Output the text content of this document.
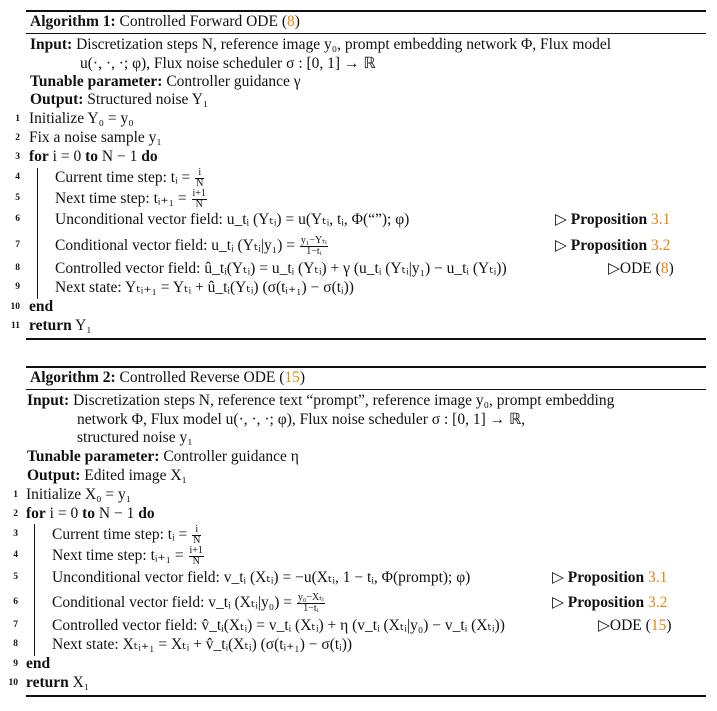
Algorithm 1: Controlled Forward ODE (8)
Input: Discretization steps N, reference image y₀, prompt embedding network Φ, Flux model
u(·, ·, ·; φ), Flux noise scheduler σ : [0, 1] → ℝ
Tunable parameter: Controller guidance γ
Output: Structured noise Y₁
1 Initialize Y₀ = y₀
2 Fix a noise sample y₁
3 for i = 0 to N − 1 do
4 Current time step: tᵢ = $\frac{i}{N}$
5 Next time step: tᵢ₊₁ = $\frac{i+1}{N}$
6 Unconditional vector field: u_tᵢ (Yₜᵢ) = u(Yₜᵢ, tᵢ, Φ(“”); φ)	▷ Proposition 3.1
7 Conditional vector field: u_tᵢ (Yₜᵢ|y₁) = $\frac{\text{y₁−Yₜᵢ}}{\text{1−tᵢ}}$	▷ Proposition 3.2
8 Controlled vector field: û_tᵢ(Yₜᵢ) = u_tᵢ (Yₜᵢ) + γ (u_tᵢ (Yₜᵢ|y₁) − u_tᵢ (Yₜᵢ))	▷ODE (8)
9 Next state: Yₜᵢ₊₁ = Yₜᵢ + û_tᵢ(Yₜᵢ) (σ(tᵢ₊₁) − σ(tᵢ))
10 end
11 return Y₁
Algorithm 2: Controlled Reverse ODE (15)
Input: Discretization steps N, reference text “prompt”, reference image y₀, prompt embedding
network Φ, Flux model u(·, ·, ·; φ), Flux noise scheduler σ : [0, 1] → ℝ,
structured noise y₁
Tunable parameter: Controller guidance η
Output: Edited image X₁
1 Initialize X₀ = y₁
2 for i = 0 to N − 1 do
3 Current time step: tᵢ = $\frac{i}{N}$
4 Next time step: tᵢ₊₁ = $\frac{i+1}{N}$
5 Unconditional vector field: v_tᵢ (Xₜᵢ) = −u(Xₜᵢ, 1 − tᵢ, Φ(prompt); φ)	▷ Proposition 3.1
6 Conditional vector field: v_tᵢ (Xₜᵢ|y₀) = $\frac{\text{y₀−Xₜᵢ}}{\text{1−tᵢ}}$	▷ Proposition 3.2
7 Controlled vector field: v̂_tᵢ(Xₜᵢ) = v_tᵢ (Xₜᵢ) + η (v_tᵢ (Xₜᵢ|y₀) − v_tᵢ (Xₜᵢ))	▷ODE (15)
8 Next state: Xₜᵢ₊₁ = Xₜᵢ + v̂_tᵢ(Xₜᵢ) (σ(tᵢ₊₁) − σ(tᵢ))
9 end
10 return X₁
